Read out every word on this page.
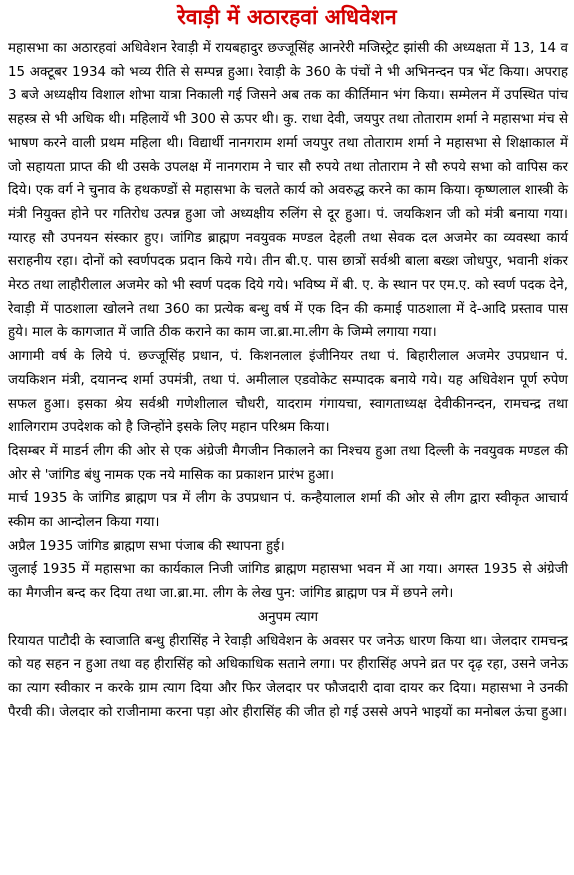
रेवाड़ी में अठारहवां अधिवेशन

महासभा का अठारहवां अधिवेशन रेवाड़ी में रायबहादुर छज्जूसिंह आनरेरी मजिस्ट्रेट झांसी की अध्यक्षता में 13, 14 व 15 अक्टूबर 1934 को भव्य रीति से सम्पन्न हुआ। रेवाड़ी के 360 के पंचों ने भी अभिनन्दन पत्र भेंट किया। अपराह 3 बजे अध्यक्षीय विशाल शोभा यात्रा निकाली गई जिसने अब तक का कीर्तिमान भंग किया। सम्मेलन में उपस्थित पांच सहस्त्र से भी अधिक थी। महिलायें भी 300 से ऊपर थी। कु. राधा देवी, जयपुर तथा तोताराम शर्मा ने महासभा मंच से भाषण करने वाली प्रथम महिला थी। विद्यार्थी नानगराम शर्मा जयपुर तथा तोताराम शर्मा ने महासभा से शिक्षाकाल में जो सहायता प्राप्त की थी उसके उपलक्ष में नानगराम ने चार सौ रुपये तथा तोताराम ने सौ रुपये सभा को वापिस कर दिये। एक वर्ग ने चुनाव के हथकण्डों से महासभा के चलते कार्य को अवरुद्ध करने का काम किया। कृष्णलाल शास्त्री के मंत्री नियुक्त होने पर गतिरोध उत्पन्न हुआ जो अध्यक्षीय रुलिंग से दूर हुआ। पं. जयकिशन जी को मंत्री बनाया गया। ग्यारह सौ उपनयन संस्कार हुए। जांगिड ब्राह्मण नवयुवक मण्डल देहली तथा सेवक दल अजमेर का व्यवस्था कार्य सराहनीय रहा। दोनों को स्वर्णपदक प्रदान किये गये। तीन बी.ए. पास छात्रों सर्वश्री बाला बख्श जोधपुर, भवानी शंकर मेरठ तथा लाहौरीलाल अजमेर को भी स्वर्ण पदक दिये गये। भविष्य में बी. ए. के स्थान पर एम.ए. को स्वर्ण पदक देने, रेवाड़ी में पाठशाला खोलने तथा 360 का प्रत्येक बन्धु वर्ष में एक दिन की कमाई पाठशाला में दे-आदि प्रस्ताव पास हुये। माल के कागजात में जाति ठीक कराने का काम जा.ब्रा.मा.लीग के जिम्मे लगाया गया।

आगामी वर्ष के लिये पं. छज्जूसिंह प्रधान, पं. किशनलाल इंजीनियर तथा पं. बिहारीलाल अजमेर उपप्रधान पं. जयकिशन मंत्री, दयानन्द शर्मा उपमंत्री, तथा पं. अमीलाल एडवोकेट सम्पादक बनाये गये। यह अधिवेशन पूर्ण रुपेण सफल हुआ। इसका श्रेय सर्वश्री गणेशीलाल चौधरी, यादराम गंगायचा, स्वागताध्यक्ष देवीकीनन्दन, रामचन्द्र तथा शालिगराम उपदेशक को है जिन्होंने इसके लिए महान परिश्रम किया।

दिसम्बर में माडर्न लीग की ओर से एक अंग्रेजी मैगजीन निकालने का निश्चय हुआ तथा दिल्ली के नवयुवक मण्डल की ओर से 'जांगिड बंधु नामक एक नये मासिक का प्रकाशन प्रारंभ हुआ।

मार्च 1935 के जांगिड ब्राह्मण पत्र में लीग के उपप्रधान पं. कन्हैयालाल शर्मा की ओर से लीग द्वारा स्वीकृत आचार्य स्कीम का आन्दोलन किया गया।

अप्रैल 1935 जांगिड ब्राह्मण सभा पंजाब की स्थापना हुई।

जुलाई 1935 में महासभा का कार्यकाल निजी जांगिड ब्राह्मण महासभा भवन में आ गया। अगस्त 1935 से अंग्रेजी का मैगजीन बन्द कर दिया तथा जा.ब्रा.मा. लीग के लेख पुन: जांगिड ब्राह्मण पत्र में छपने लगे।

अनुपम त्याग

रियायत पाटौदी के स्वाजाति बन्धु हीरासिंह ने रेवाड़ी अधिवेशन के अवसर पर जनेऊ धारण किया था। जेलदार रामचन्द्र को यह सहन न हुआ तथा वह हीरासिंह को अधिकाधिक सताने लगा। पर हीरासिंह अपने व्रत पर दृढ़ रहा, उसने जनेऊ का त्याग स्वीकार न करके ग्राम त्याग दिया और फिर जेलदार पर फौजदारी दावा दायर कर दिया। महासभा ने उनकी पैरवी की। जेलदार को राजीनामा करना पड़ा ओर हीरासिंह की जीत हो गई उससे अपने भाइयों का मनोबल ऊंचा हुआ।
